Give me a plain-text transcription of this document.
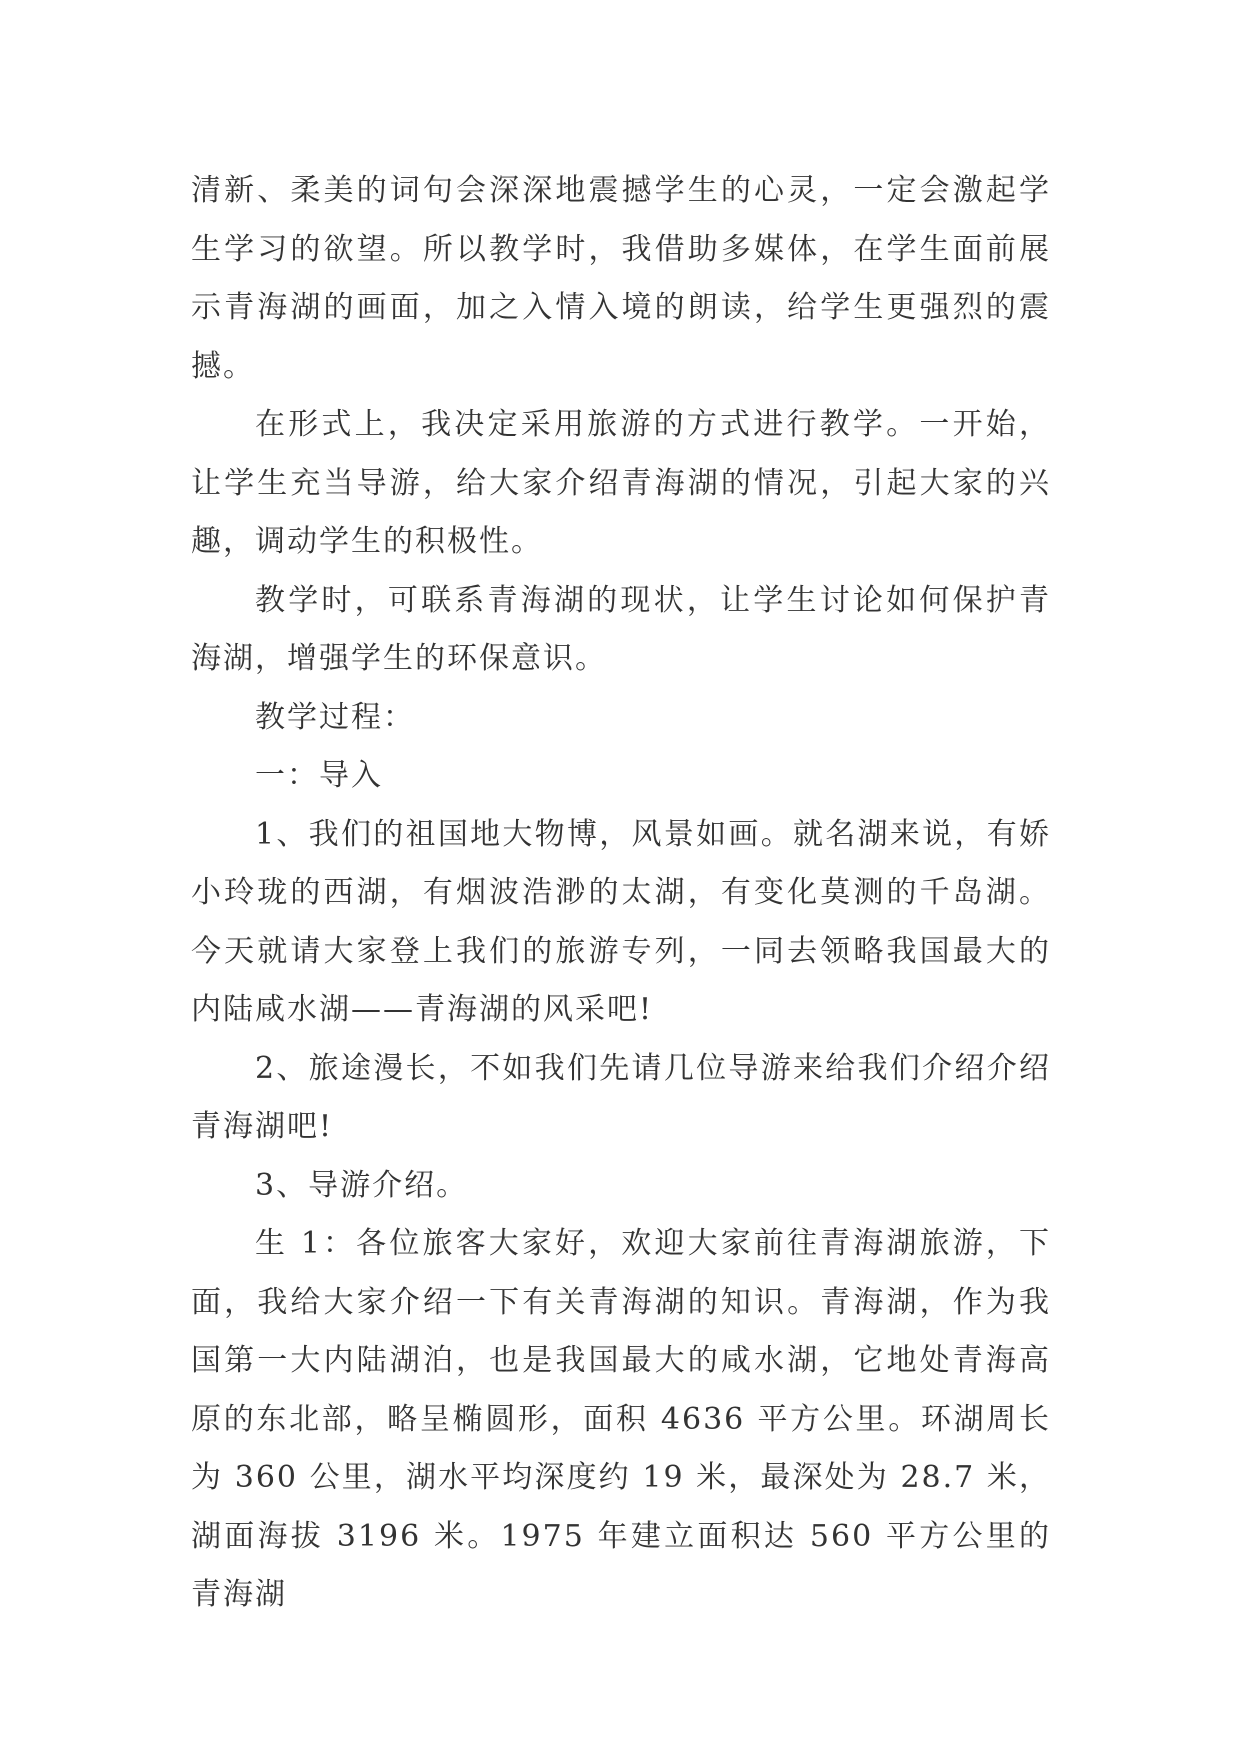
清新、柔美的词句会深深地震撼学生的心灵，一定会激起学生学习的欲望。所以教学时，我借助多媒体，在学生面前展示青海湖的画面，加之入情入境的朗读，给学生更强烈的震撼。

在形式上，我决定采用旅游的方式进行教学。一开始，让学生充当导游，给大家介绍青海湖的情况，引起大家的兴趣，调动学生的积极性。

教学时，可联系青海湖的现状，让学生讨论如何保护青海湖，增强学生的环保意识。

教学过程：

一：导入

1、我们的祖国地大物博，风景如画。就名湖来说，有娇小玲珑的西湖，有烟波浩渺的太湖，有变化莫测的千岛湖。今天就请大家登上我们的旅游专列，一同去领略我国最大的内陆咸水湖——青海湖的风采吧!

2、旅途漫长，不如我们先请几位导游来给我们介绍介绍青海湖吧!

3、导游介绍。

生 1：各位旅客大家好，欢迎大家前往青海湖旅游，下面，我给大家介绍一下有关青海湖的知识。青海湖，作为我国第一大内陆湖泊，也是我国最大的咸水湖，它地处青海高原的东北部，略呈椭圆形，面积 4636 平方公里。环湖周长为 360 公里，湖水平均深度约 19 米，最深处为 28.7 米，湖面海拔 3196 米。1975 年建立面积达 560 平方公里的青海湖
